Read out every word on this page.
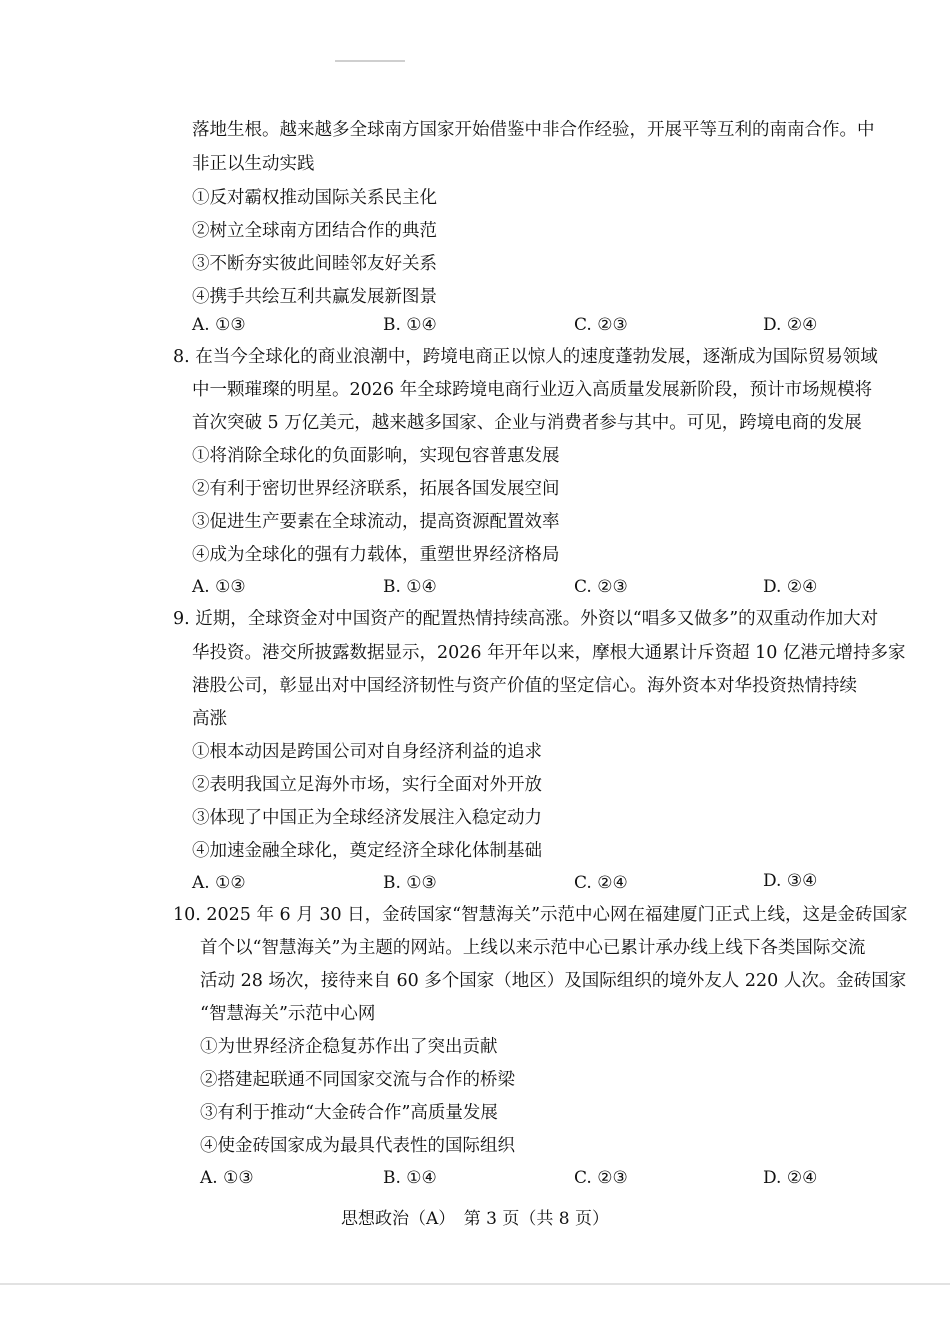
落地生根。越来越多全球南方国家开始借鉴中非合作经验，开展平等互利的南南合作。中
非正以生动实践
①反对霸权推动国际关系民主化
②树立全球南方团结合作的典范
③不断夯实彼此间睦邻友好关系
④携手共绘互利共赢发展新图景
A. ①③	B. ①④	C. ②③	D. ②④
8. 在当今全球化的商业浪潮中，跨境电商正以惊人的速度蓬勃发展，逐渐成为国际贸易领域
中一颗璀璨的明星。2026 年全球跨境电商行业迈入高质量发展新阶段，预计市场规模将
首次突破 5 万亿美元，越来越多国家、企业与消费者参与其中。可见，跨境电商的发展
①将消除全球化的负面影响，实现包容普惠发展
②有利于密切世界经济联系，拓展各国发展空间
③促进生产要素在全球流动，提高资源配置效率
④成为全球化的强有力载体，重塑世界经济格局
A. ①③	B. ①④	C. ②③	D. ②④
9. 近期，全球资金对中国资产的配置热情持续高涨。外资以“唱多又做多”的双重动作加大对
华投资。港交所披露数据显示，2026 年开年以来，摩根大通累计斥资超 10 亿港元增持多家
港股公司，彰显出对中国经济韧性与资产价值的坚定信心。海外资本对华投资热情持续
高涨
①根本动因是跨国公司对自身经济利益的追求
②表明我国立足海外市场，实行全面对外开放
③体现了中国正为全球经济发展注入稳定动力
④加速金融全球化，奠定经济全球化体制基础
A. ①②	B. ①③	C. ②④	D. ③④
10. 2025 年 6 月 30 日，金砖国家“智慧海关”示范中心网在福建厦门正式上线，这是金砖国家
首个以“智慧海关”为主题的网站。上线以来示范中心已累计承办线上线下各类国际交流
活动 28 场次，接待来自 60 多个国家（地区）及国际组织的境外友人 220 人次。金砖国家
“智慧海关”示范中心网
①为世界经济企稳复苏作出了突出贡献
②搭建起联通不同国家交流与合作的桥梁
③有利于推动“大金砖合作”高质量发展
④使金砖国家成为最具代表性的国际组织
A. ①③	B. ①④	C. ②③	D. ②④
思想政治（A）　第 3 页（共 8 页）
